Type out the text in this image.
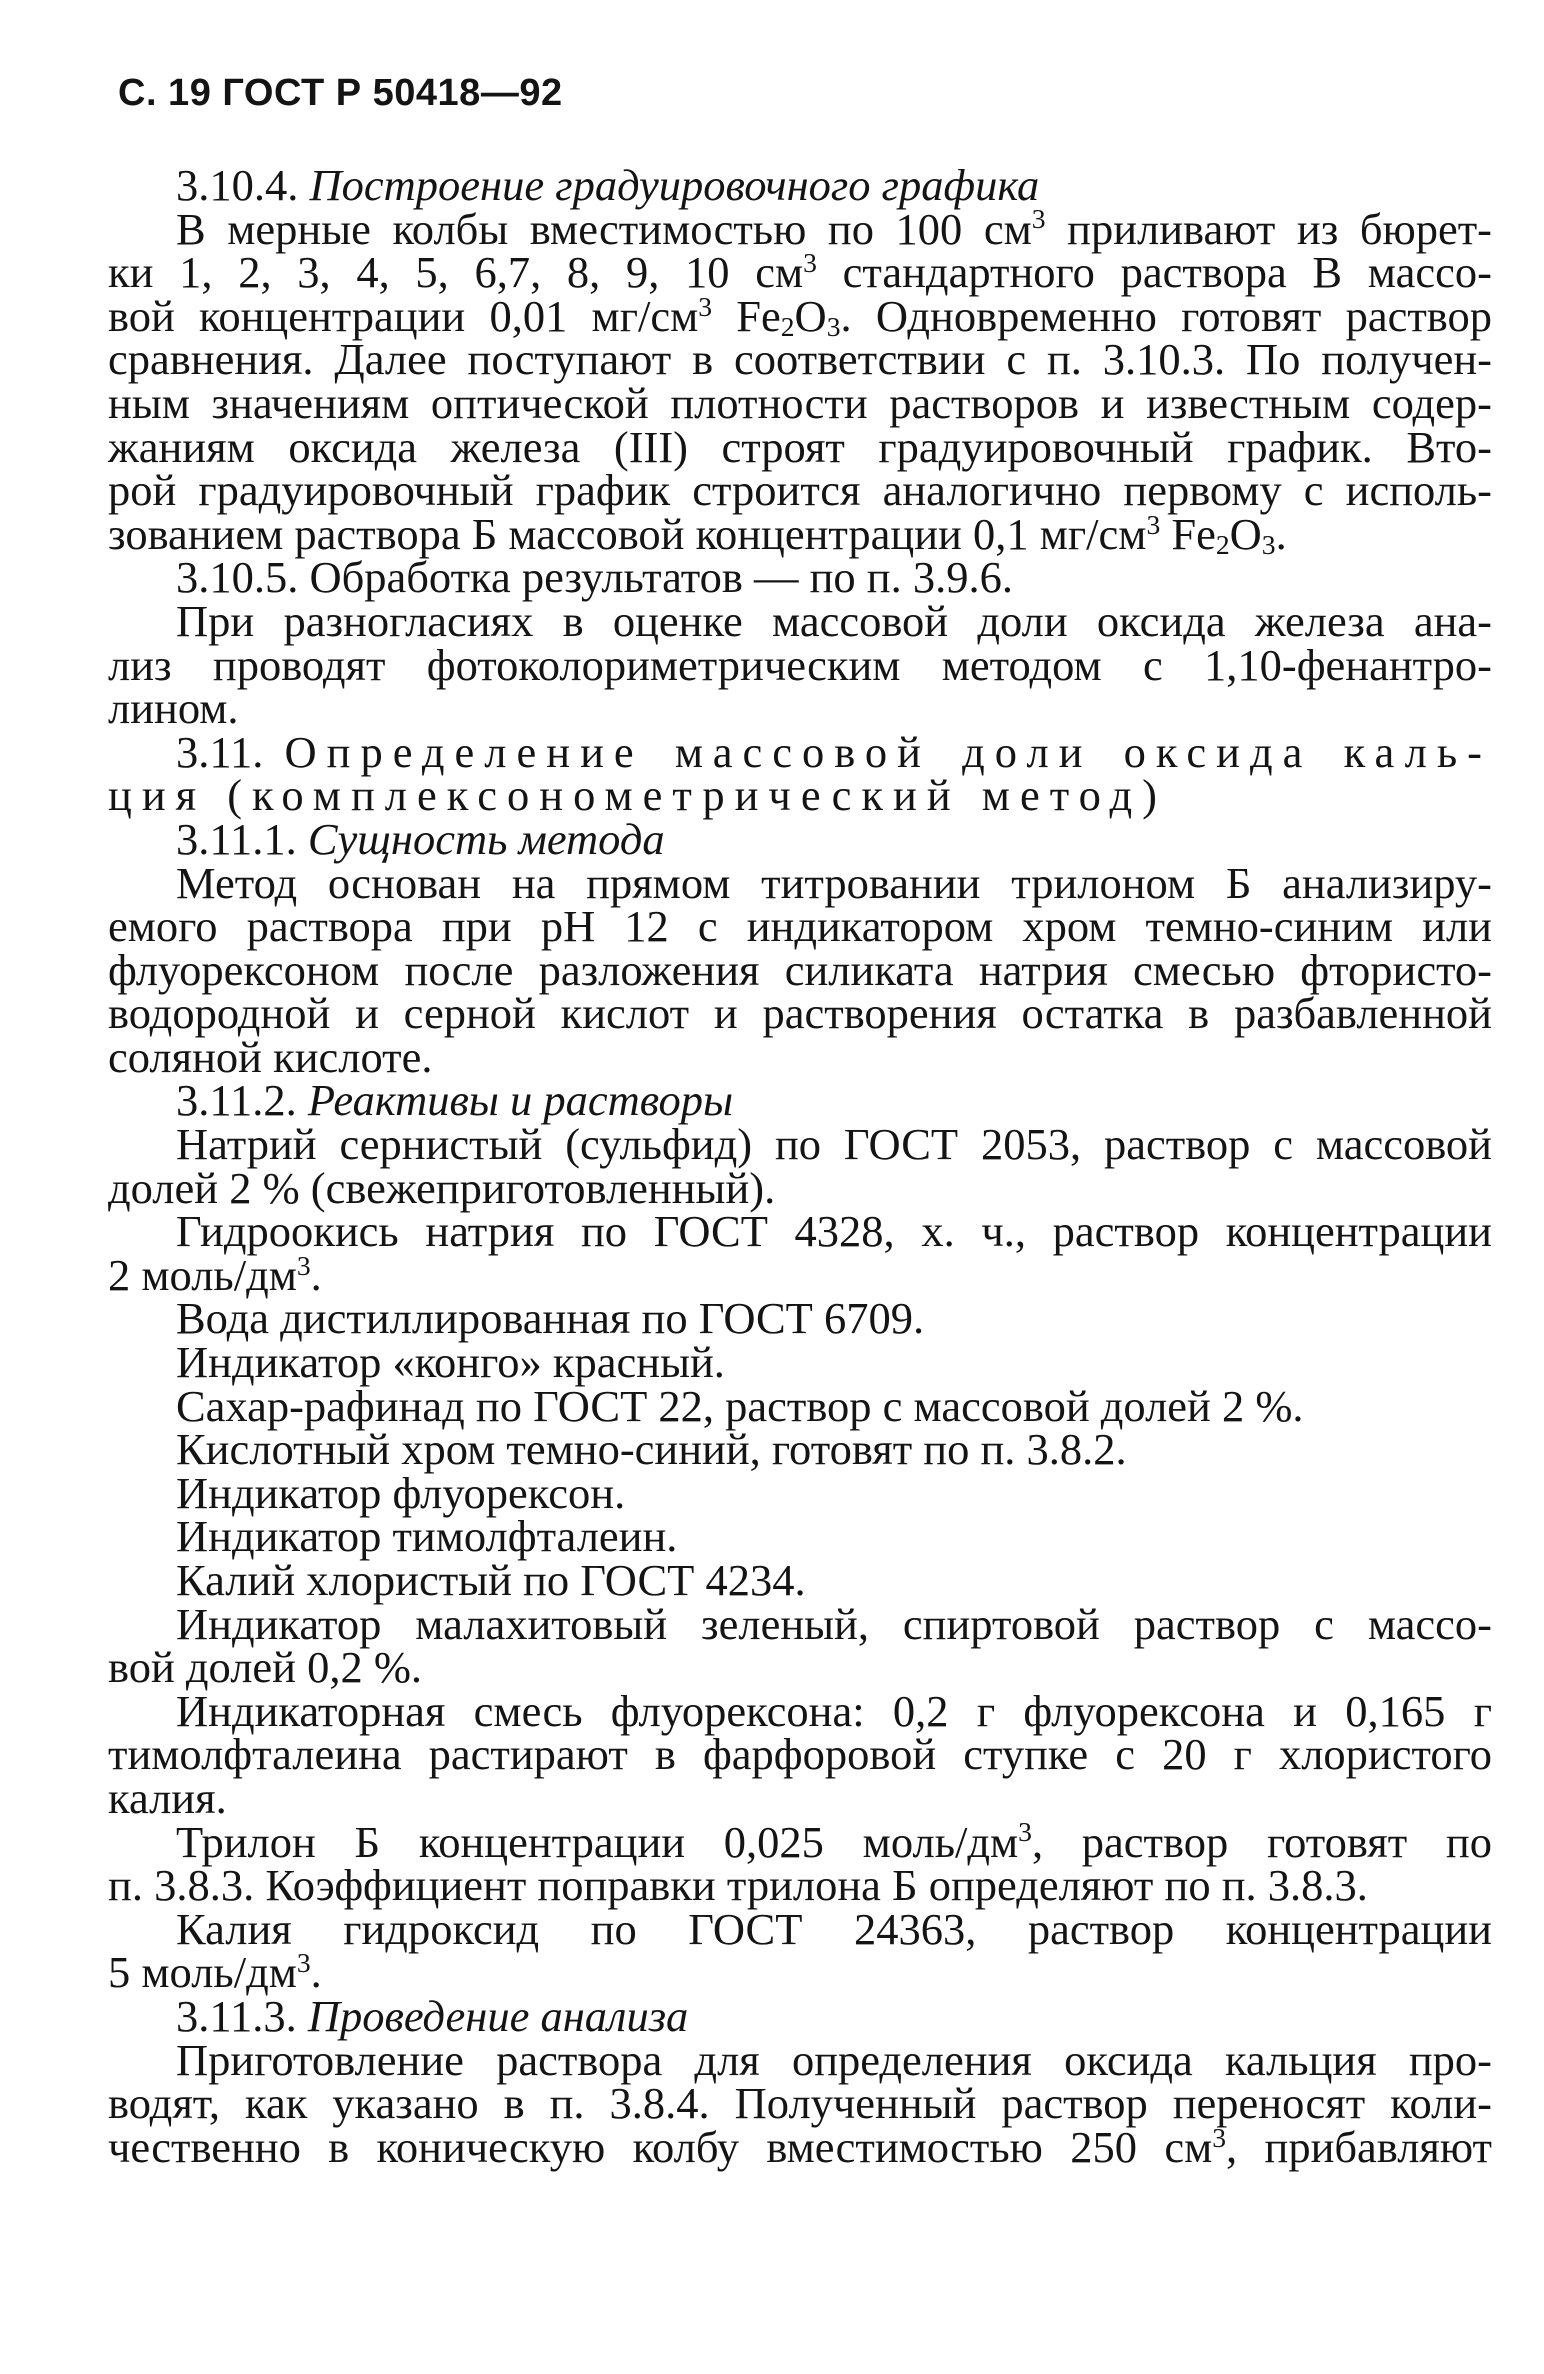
С. 19 ГОСТ Р 50418—92
3.10.4. Построение градуировочного графика
В мерные колбы вместимостью по 100 $см^3$ приливают из бюрет-
ки 1, 2, 3, 4, 5, 6,7, 8, 9, 10 $см^3$ стандартного раствора В массо-
вой концентрации 0,01 $мг/см^3$ $Fe_2O_3$. Одновременно готовят раствор
сравнения. Далее поступают в соответствии с п. 3.10.3. По получен-
ным значениям оптической плотности растворов и известным содер-
жаниям оксида железа (III) строят градуировочный график. Вто-
рой градуировочный график строится аналогично первому с исполь-
зованием раствора Б массовой концентрации 0,1 $мг/см^3$ $Fe_2O_3$.
3.10.5. Обработка результатов — по п. 3.9.6.
При разногласиях в оценке массовой доли оксида железа ана-
лиз проводят фотоколориметрическим методом с 1,10-фенантро-
лином.
3.11. Определение массовой доли оксида каль-
ция (комплексонометрический метод)
3.11.1. Сущность метода
Метод основан на прямом титровании трилоном Б анализиру-
емого раствора при pH 12 с индикатором хром темно-синим или
флуорексоном после разложения силиката натрия смесью фтористо-
водородной и серной кислот и растворения остатка в разбавленной
соляной кислоте.
3.11.2. Реактивы и растворы
Натрий сернистый (сульфид) по ГОСТ 2053, раствор с массовой
долей 2 % (свежеприготовленный).
Гидроокись натрия по ГОСТ 4328, х. ч., раствор концентрации
2 моль/$дм^3$.
Вода дистиллированная по ГОСТ 6709.
Индикатор «конго» красный.
Сахар-рафинад по ГОСТ 22, раствор с массовой долей 2 %.
Кислотный хром темно-синий, готовят по п. 3.8.2.
Индикатор флуорексон.
Индикатор тимолфталеин.
Калий хлористый по ГОСТ 4234.
Индикатор малахитовый зеленый, спиртовой раствор с массо-
вой долей 0,2 %.
Индикаторная смесь флуорексона: 0,2 г флуорексона и 0,165 г
тимолфталеина растирают в фарфоровой ступке с 20 г хлористого
калия.
Трилон Б концентрации 0,025 моль/$дм^3$, раствор готовят по
п. 3.8.3. Коэффициент поправки трилона Б определяют по п. 3.8.3.
Калия гидроксид по ГОСТ 24363, раствор концентрации
5 моль/$дм^3$.
3.11.3. Проведение анализа
Приготовление раствора для определения оксида кальция про-
водят, как указано в п. 3.8.4. Полученный раствор переносят коли-
чественно в коническую колбу вместимостью 250 $см^3$, прибавляют
